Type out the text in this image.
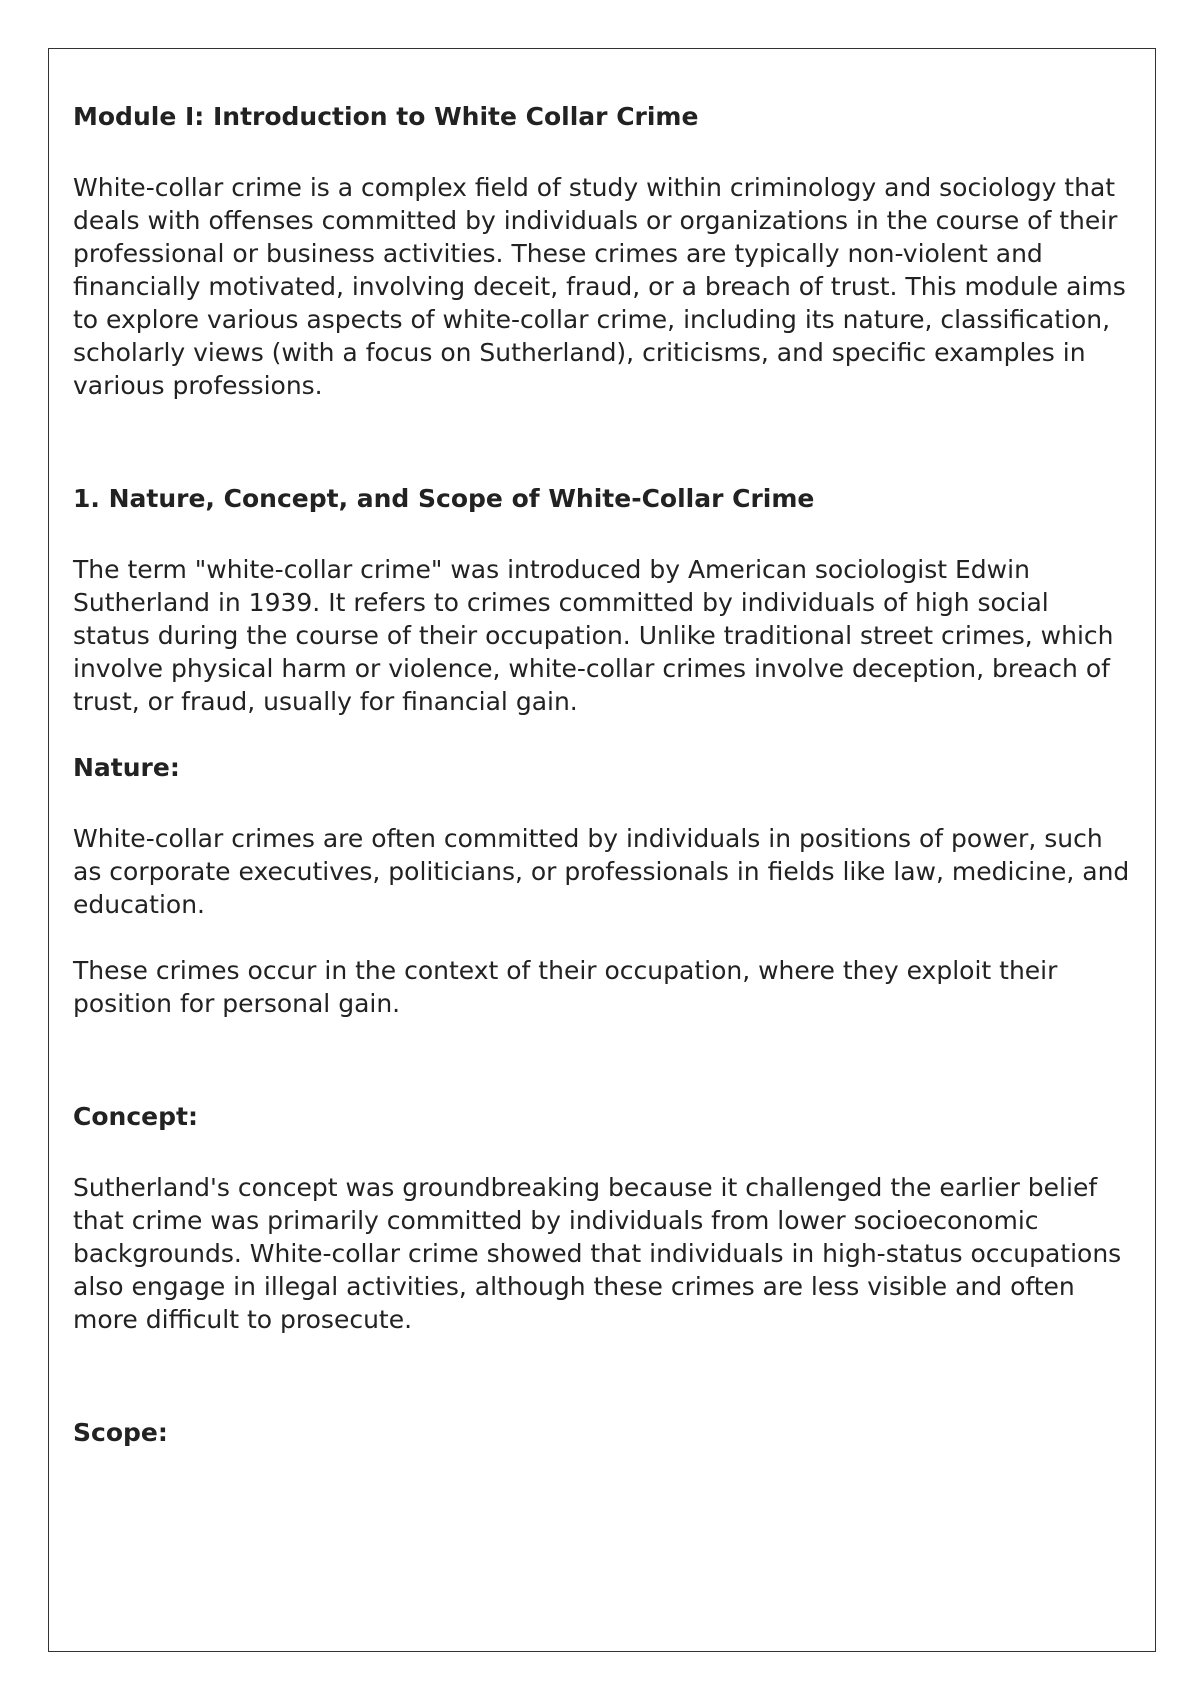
Module I: Introduction to White Collar Crime

White-collar crime is a complex field of study within criminology and sociology that deals with offenses committed by individuals or organizations in the course of their professional or business activities. These crimes are typically non-violent and financially motivated, involving deceit, fraud, or a breach of trust. This module aims to explore various aspects of white-collar crime, including its nature, classification, scholarly views (with a focus on Sutherland), criticisms, and specific examples in various professions.

1. Nature, Concept, and Scope of White-Collar Crime

The term "white-collar crime" was introduced by American sociologist Edwin Sutherland in 1939. It refers to crimes committed by individuals of high social status during the course of their occupation. Unlike traditional street crimes, which involve physical harm or violence, white-collar crimes involve deception, breach of trust, or fraud, usually for financial gain.

Nature:

White-collar crimes are often committed by individuals in positions of power, such as corporate executives, politicians, or professionals in fields like law, medicine, and education.

These crimes occur in the context of their occupation, where they exploit their position for personal gain.

Concept:

Sutherland's concept was groundbreaking because it challenged the earlier belief that crime was primarily committed by individuals from lower socioeconomic backgrounds. White-collar crime showed that individuals in high-status occupations also engage in illegal activities, although these crimes are less visible and often more difficult to prosecute.

Scope:
